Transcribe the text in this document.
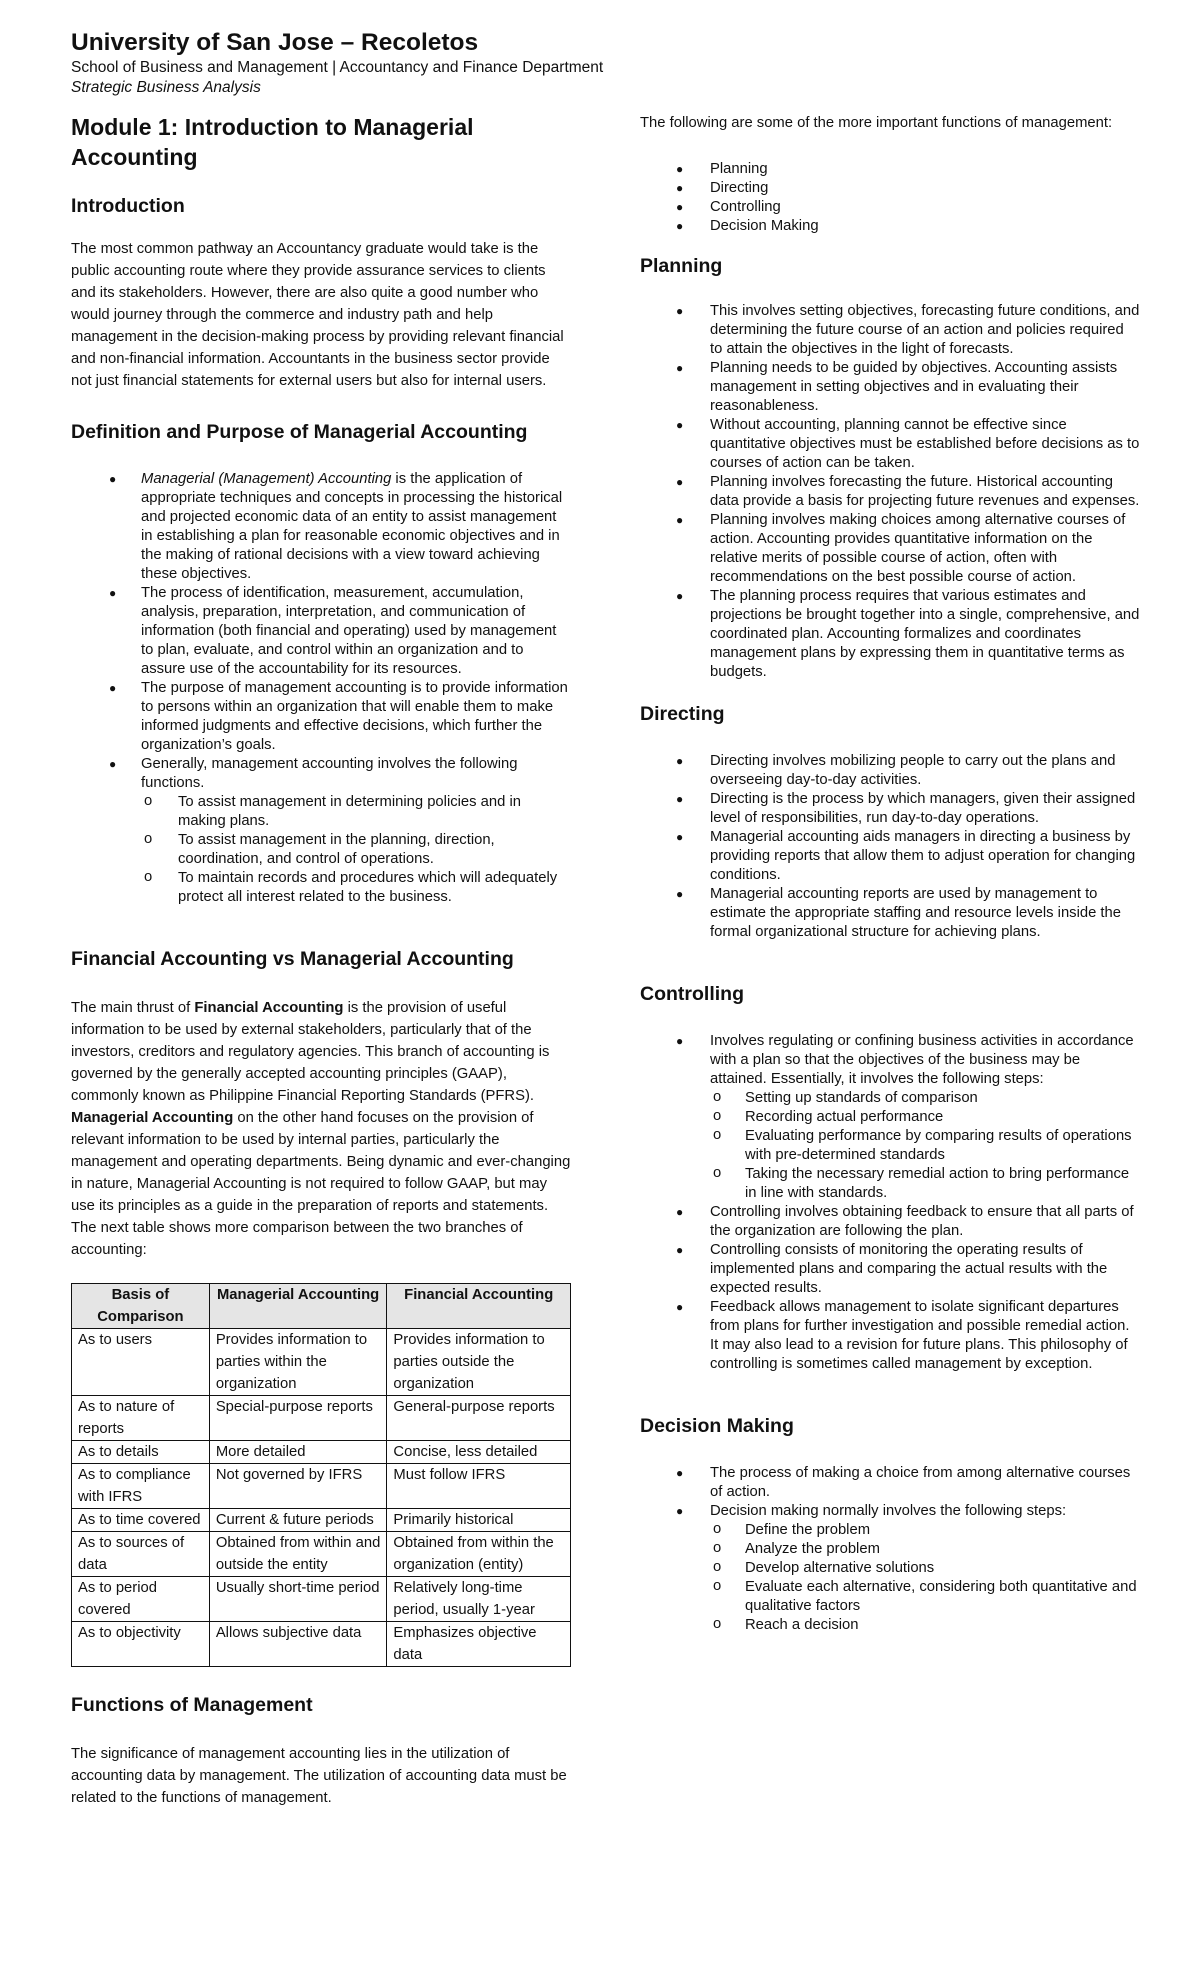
University of San Jose – Recoletos
School of Business and Management | Accountancy and Finance Department
Strategic Business Analysis
Module 1: Introduction to Managerial Accounting
Introduction

The most common pathway an Accountancy graduate would take is the public accounting route where they provide assurance services to clients and its stakeholders. However, there are also quite a good number who would journey through the commerce and industry path and help management in the decision-making process by providing relevant financial and non-financial information. Accountants in the business sector provide not just financial statements for external users but also for internal users.

Definition and Purpose of Managerial Accounting
● Managerial (Management) Accounting is the application of appropriate techniques and concepts in processing the historical and projected economic data of an entity to assist management in establishing a plan for reasonable economic objectives and in the making of rational decisions with a view toward achieving these objectives.
● The process of identification, measurement, accumulation, analysis, preparation, interpretation, and communication of information (both financial and operating) used by management to plan, evaluate, and control within an organization and to assure use of the accountability for its resources.
● The purpose of management accounting is to provide information to persons within an organization that will enable them to make informed judgments and effective decisions, which further the organization’s goals.
● Generally, management accounting involves the following functions.
o To assist management in determining policies and in making plans.
o To assist management in the planning, direction, coordination, and control of operations.
o To maintain records and procedures which will adequately protect all interest related to the business.
Financial Accounting vs Managerial Accounting

The main thrust of Financial Accounting is the provision of useful information to be used by external stakeholders, particularly that of the investors, creditors and regulatory agencies. This branch of accounting is governed by the generally accepted accounting principles (GAAP), commonly known as Philippine Financial Reporting Standards (PFRS). Managerial Accounting on the other hand focuses on the provision of relevant information to be used by internal parties, particularly the management and operating departments. Being dynamic and ever-changing in nature, Managerial Accounting is not required to follow GAAP, but may use its principles as a guide in the preparation of reports and statements. The next table shows more comparison between the two branches of accounting:

Basis of Comparison	Managerial Accounting	Financial Accounting
As to users	Provides information to parties within the organization	Provides information to parties outside the organization
As to nature of reports	Special-purpose reports	General-purpose reports
As to details	More detailed	Concise, less detailed
As to compliance with IFRS	Not governed by IFRS	Must follow IFRS
As to time covered	Current & future periods	Primarily historical
As to sources of data	Obtained from within and outside the entity	Obtained from within the organization (entity)
As to period covered	Usually short-time period	Relatively long-time period, usually 1-year
As to objectivity	Allows subjective data	Emphasizes objective data
Functions of Management

The significance of management accounting lies in the utilization of accounting data by management. The utilization of accounting data must be related to the functions of management.

The following are some of the more important functions of management:

● Planning
● Directing
● Controlling
● Decision Making
Planning
● This involves setting objectives, forecasting future conditions, and determining the future course of an action and policies required to attain the objectives in the light of forecasts.
● Planning needs to be guided by objectives. Accounting assists management in setting objectives and in evaluating their reasonableness.
● Without accounting, planning cannot be effective since quantitative objectives must be established before decisions as to courses of action can be taken.
● Planning involves forecasting the future. Historical accounting data provide a basis for projecting future revenues and expenses.
● Planning involves making choices among alternative courses of action. Accounting provides quantitative information on the relative merits of possible course of action, often with recommendations on the best possible course of action.
● The planning process requires that various estimates and projections be brought together into a single, comprehensive, and coordinated plan. Accounting formalizes and coordinates management plans by expressing them in quantitative terms as budgets.
Directing
● Directing involves mobilizing people to carry out the plans and overseeing day-to-day activities.
● Directing is the process by which managers, given their assigned level of responsibilities, run day-to-day operations.
● Managerial accounting aids managers in directing a business by providing reports that allow them to adjust operation for changing conditions.
● Managerial accounting reports are used by management to estimate the appropriate staffing and resource levels inside the formal organizational structure for achieving plans.
Controlling
● Involves regulating or confining business activities in accordance with a plan so that the objectives of the business may be attained. Essentially, it involves the following steps:
o Setting up standards of comparison
o Recording actual performance
o Evaluating performance by comparing results of operations with pre-determined standards
o Taking the necessary remedial action to bring performance in line with standards.
● Controlling involves obtaining feedback to ensure that all parts of the organization are following the plan.
● Controlling consists of monitoring the operating results of implemented plans and comparing the actual results with the expected results.
● Feedback allows management to isolate significant departures from plans for further investigation and possible remedial action. It may also lead to a revision for future plans. This philosophy of controlling is sometimes called management by exception.
Decision Making
● The process of making a choice from among alternative courses of action.
● Decision making normally involves the following steps:
o Define the problem
o Analyze the problem
o Develop alternative solutions
o Evaluate each alternative, considering both quantitative and qualitative factors
o Reach a decision
